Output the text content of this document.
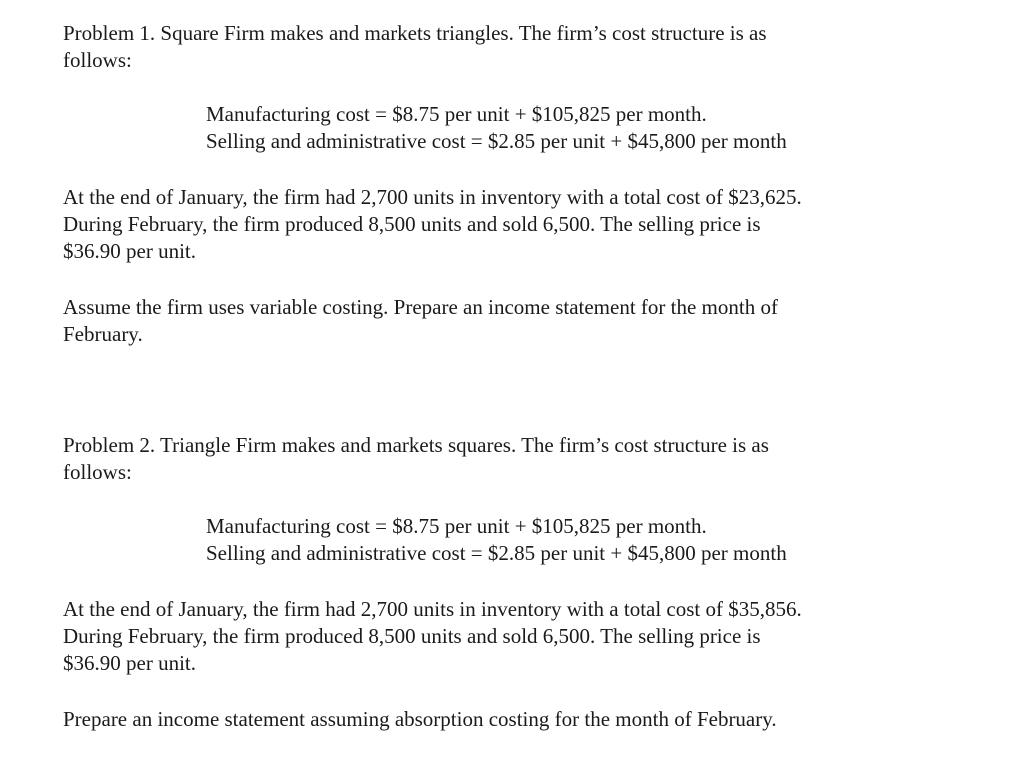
Problem 1. Square Firm makes and markets triangles. The firm’s cost structure is as
follows:
Manufacturing cost = $8.75 per unit + $105,825 per month.
Selling and administrative cost = $2.85 per unit + $45,800 per month
At the end of January, the firm had 2,700 units in inventory with a total cost of $23,625.
During February, the firm produced 8,500 units and sold 6,500. The selling price is
$36.90 per unit.
Assume the firm uses variable costing. Prepare an income statement for the month of
February.
Problem 2. Triangle Firm makes and markets squares. The firm’s cost structure is as
follows:
Manufacturing cost = $8.75 per unit + $105,825 per month.
Selling and administrative cost = $2.85 per unit + $45,800 per month
At the end of January, the firm had 2,700 units in inventory with a total cost of $35,856.
During February, the firm produced 8,500 units and sold 6,500. The selling price is
$36.90 per unit.
Prepare an income statement assuming absorption costing for the month of February.
